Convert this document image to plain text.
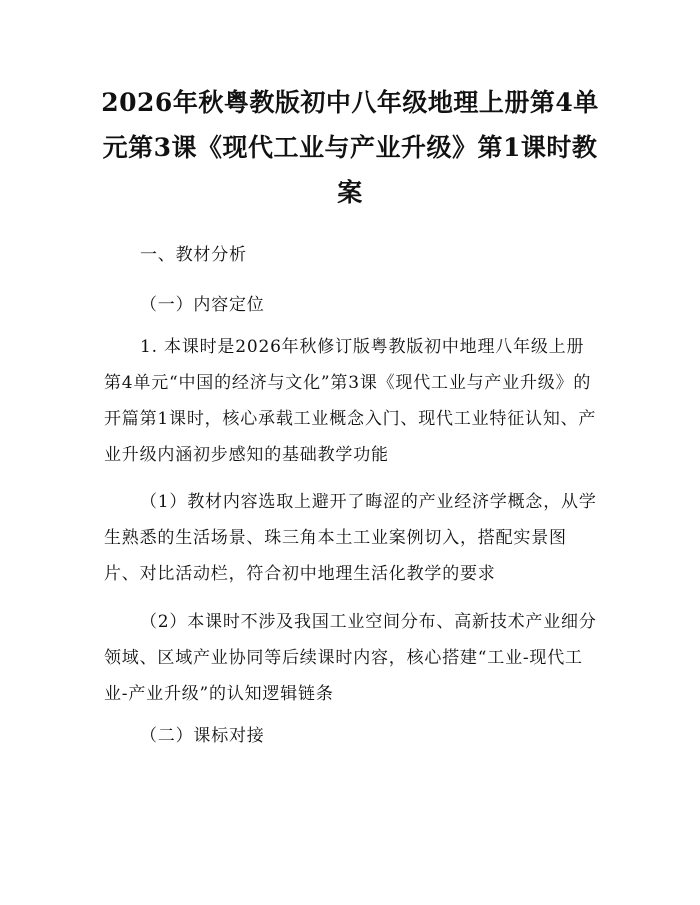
2026年秋粤教版初中八年级地理上册第4单元第3课《现代工业与产业升级》第1课时教案

一、教材分析

（一）内容定位

1. 本课时是2026年秋修订版粤教版初中地理八年级上册第4单元“中国的经济与文化”第3课《现代工业与产业升级》的开篇第1课时，核心承载工业概念入门、现代工业特征认知、产业升级内涵初步感知的基础教学功能

（1）教材内容选取上避开了晦涩的产业经济学概念，从学生熟悉的生活场景、珠三角本土工业案例切入，搭配实景图片、对比活动栏，符合初中地理生活化教学的要求

（2）本课时不涉及我国工业空间分布、高新技术产业细分领域、区域产业协同等后续课时内容，核心搭建“工业-现代工业-产业升级”的认知逻辑链条

（二）课标对接
